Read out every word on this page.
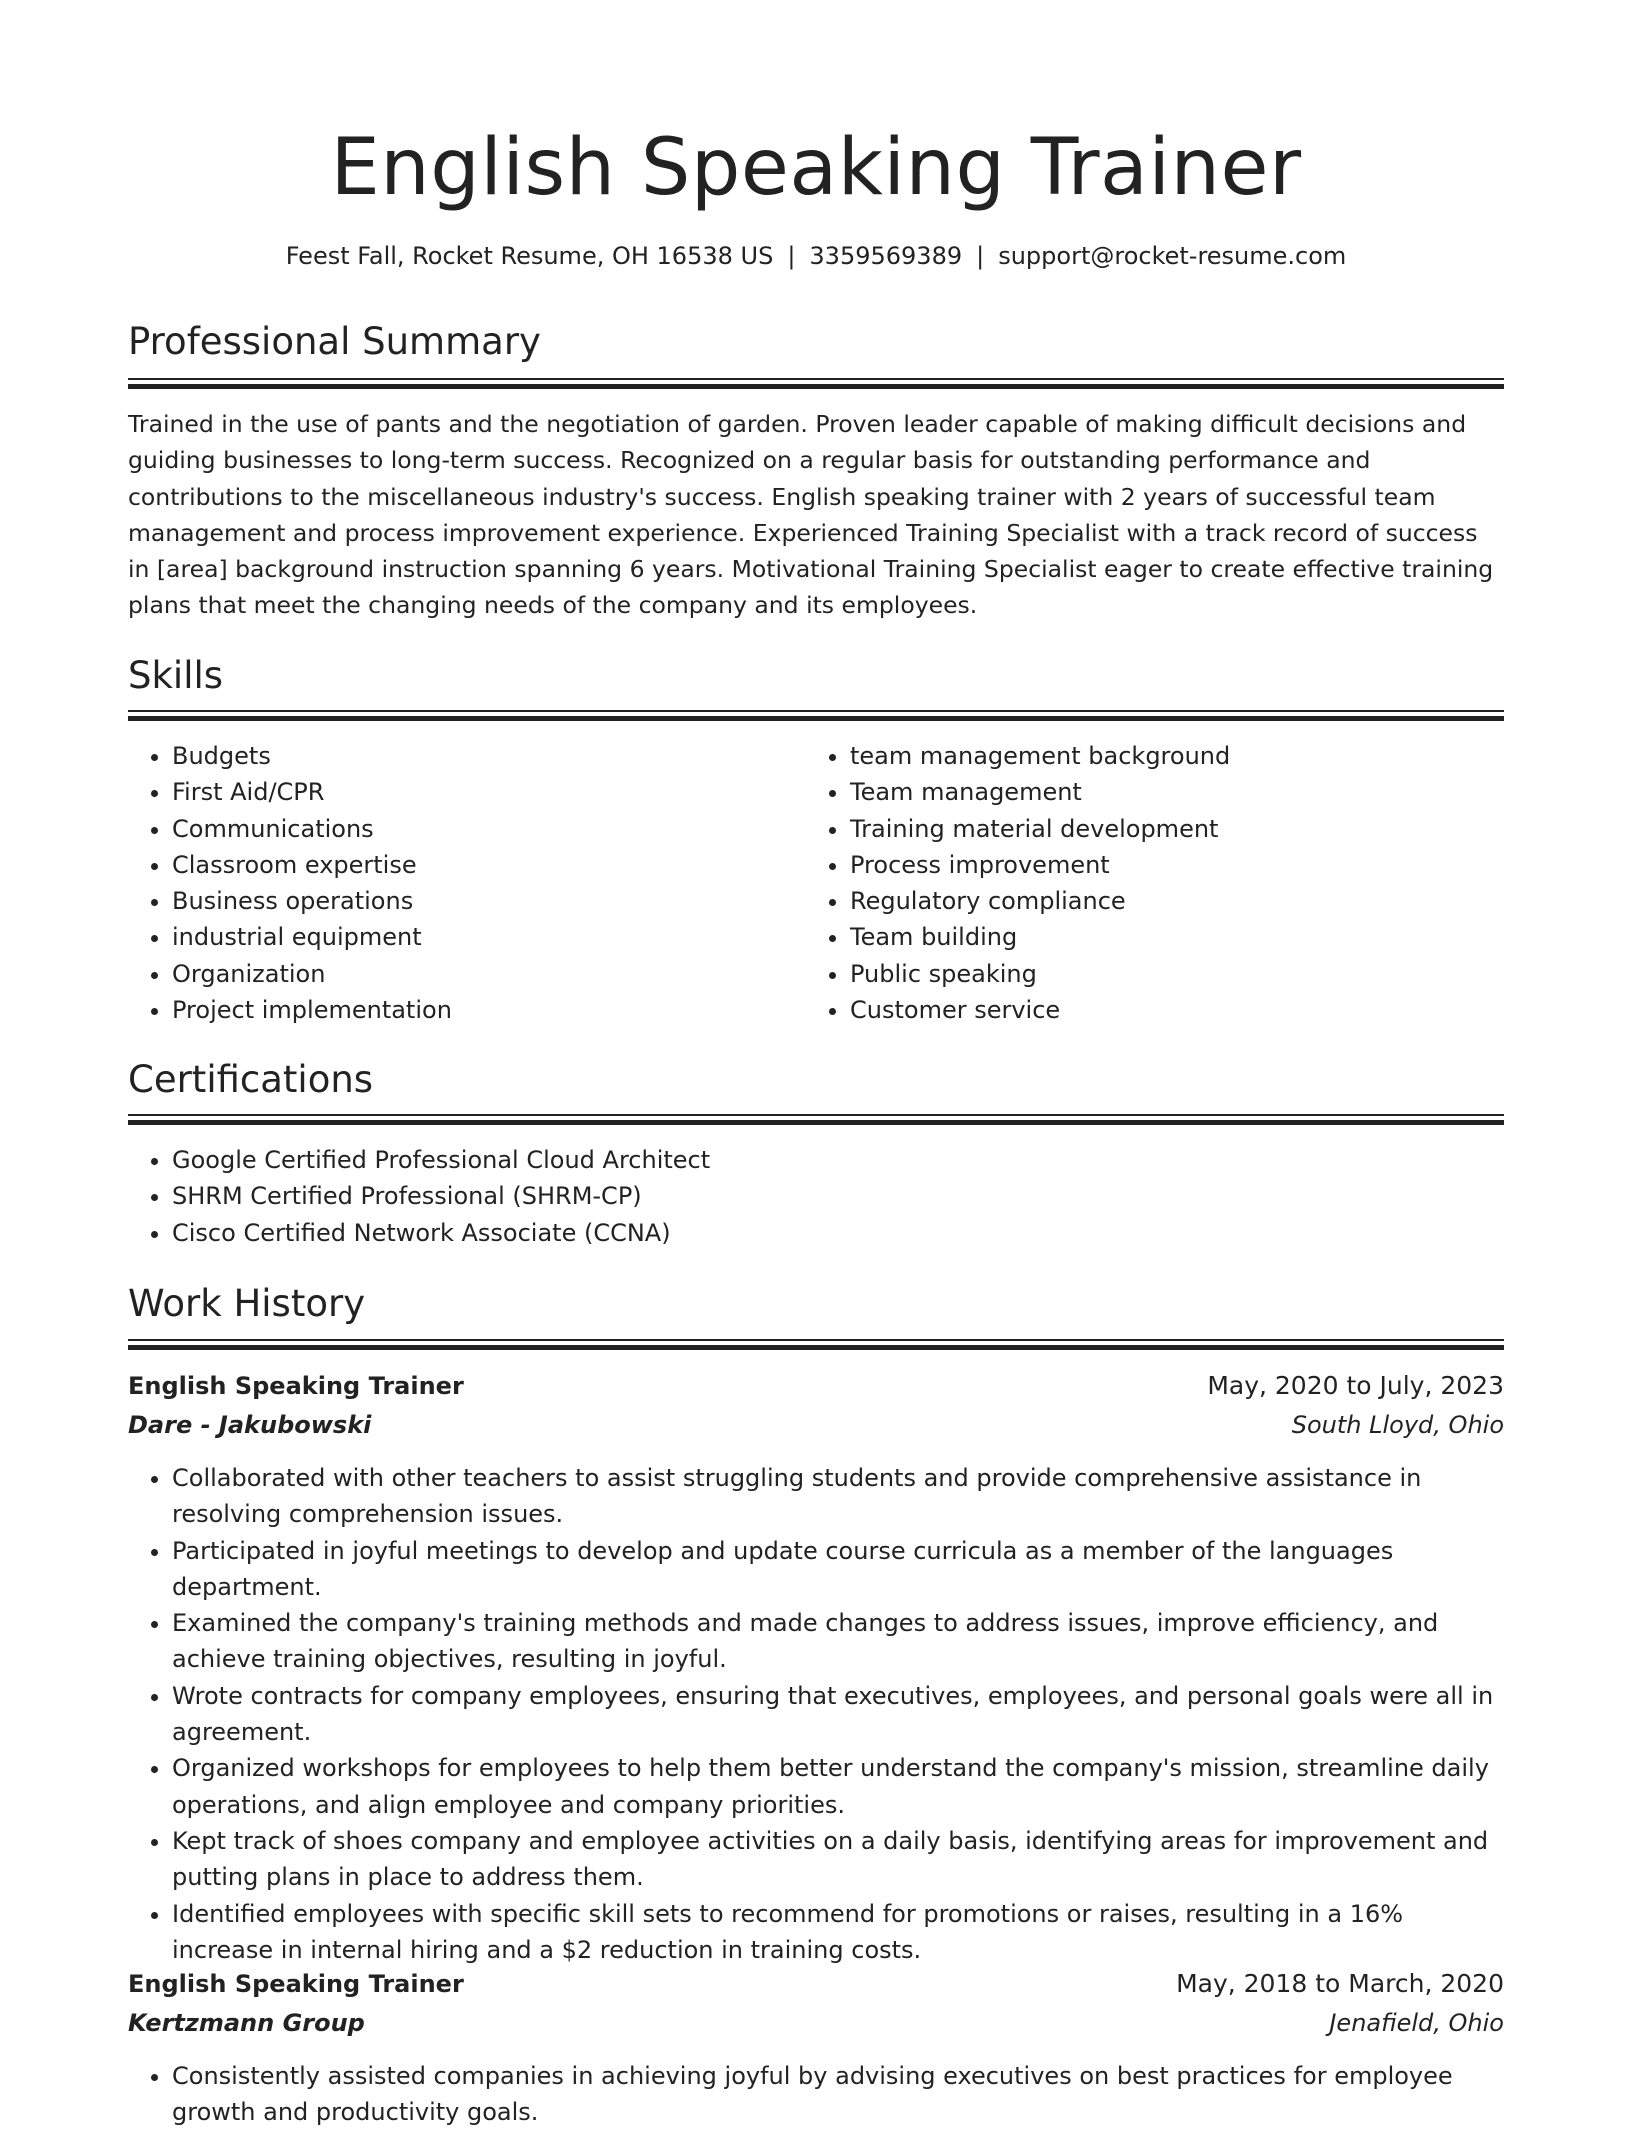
English Speaking Trainer
Feest Fall, Rocket Resume, OH 16538 US | 3359569389 | support@rocket-resume.com
Professional Summary

Trained in the use of pants and the negotiation of garden. Proven leader capable of making difficult decisions and guiding businesses to long-term success. Recognized on a regular basis for outstanding performance and contributions to the miscellaneous industry's success. English speaking trainer with 2 years of successful team management and process improvement experience. Experienced Training Specialist with a track record of success in [area] background instruction spanning 6 years. Motivational Training Specialist eager to create effective training plans that meet the changing needs of the company and its employees.

Skills
• Budgets
• First Aid/CPR
• Communications
• Classroom expertise
• Business operations
• industrial equipment
• Organization
• Project implementation
• team management background
• Team management
• Training material development
• Process improvement
• Regulatory compliance
• Team building
• Public speaking
• Customer service
Certifications
• Google Certified Professional Cloud Architect
• SHRM Certified Professional (SHRM-CP)
• Cisco Certified Network Associate (CCNA)
Work History
English Speaking Trainer	May, 2020 to July, 2023
Dare - Jakubowski	South Lloyd, Ohio
• Collaborated with other teachers to assist struggling students and provide comprehensive assistance in resolving comprehension issues.
• Participated in joyful meetings to develop and update course curricula as a member of the languages department.
• Examined the company's training methods and made changes to address issues, improve efficiency, and achieve training objectives, resulting in joyful.
• Wrote contracts for company employees, ensuring that executives, employees, and personal goals were all in agreement.
• Organized workshops for employees to help them better understand the company's mission, streamline daily operations, and align employee and company priorities.
• Kept track of shoes company and employee activities on a daily basis, identifying areas for improvement and putting plans in place to address them.
• Identified employees with specific skill sets to recommend for promotions or raises, resulting in a 16% increase in internal hiring and a $2 reduction in training costs.
English Speaking Trainer	May, 2018 to March, 2020
Kertzmann Group	Jenafield, Ohio
• Consistently assisted companies in achieving joyful by advising executives on best practices for employee growth and productivity goals.
